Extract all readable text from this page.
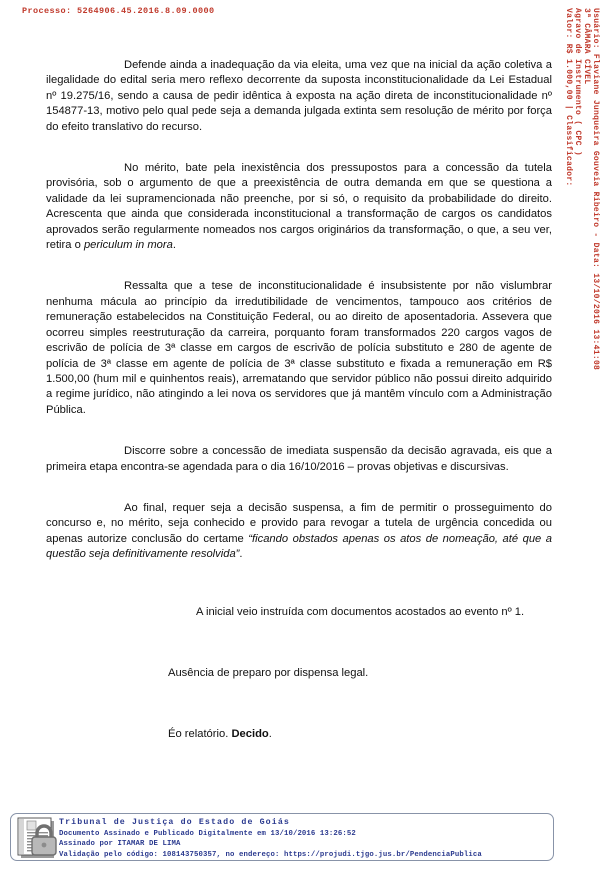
Processo: 5264906.45.2016.8.09.0000	Valor: R$ 1.000,00 | Classificador: Agravo de Instrumento ( CPC ) 3ª CÂMARA CÍVEL Usuário: Flaviane Junqueira Gouveia Ribeiro - Data: 13/10/2016 13:41:08

Defende ainda a inadequação da via eleita, uma vez que na inicial da ação coletiva a ilegalidade do edital seria mero reflexo decorrente da suposta inconstitucionalidade da Lei Estadual nº 19.275/16, sendo a causa de pedir idêntica à exposta na ação direta de inconstitucionalidade nº 154877-13, motivo pelo qual pede seja a demanda julgada extinta sem resolução de mérito por força do efeito translativo do recurso.

No mérito, bate pela inexistência dos pressupostos para a concessão da tutela provisória, sob o argumento de que a preexistência de outra demanda em que se questiona a validade da lei supramencionada não preenche, por si só, o requisito da probabilidade do direito. Acrescenta que ainda que considerada inconstitucional a transformação de cargos os candidatos aprovados serão regularmente nomeados nos cargos originários da transformação, o que, a seu ver, retira o periculum in mora.

Ressalta que a tese de inconstitucionalidade é insubsistente por não vislumbrar nenhuma mácula ao princípio da irredutibilidade de vencimentos, tampouco aos critérios de remuneração estabelecidos na Constituição Federal, ou ao direito de aposentadoria. Assevera que ocorreu simples reestruturação da carreira, porquanto foram transformados 220 cargos vagos de escrivão de polícia de 3ª classe em cargos de escrivão de polícia substituto e 280 de agente de polícia de 3ª classe em agente de polícia de 3ª classe substituto e fixada a remuneração em R$ 1.500,00 (hum mil e quinhentos reais), arrematando que servidor público não possui direito adquirido a regime jurídico, não atingindo a lei nova os servidores que já mantêm vínculo com a Administração Pública.

Discorre sobre a concessão de imediata suspensão da decisão agravada, eis que a primeira etapa encontra-se agendada para o dia 16/10/2016 – provas objetivas e discursivas.

Ao final, requer seja a decisão suspensa, a fim de permitir o prosseguimento do concurso e, no mérito, seja conhecido e provido para revogar a tutela de urgência concedida ou apenas autorize conclusão do certame “ficando obstados apenas os atos de nomeação, até que a questão seja definitivamente resolvida”.

A inicial veio instruída com documentos acostados ao evento nº 1.

Ausência de preparo por dispensa legal.

Éo relatório. Decido.

Tribunal de Justiça do Estado de Goiás
Documento Assinado e Publicado Digitalmente em 13/10/2016 13:26:52
Assinado por ITAMAR DE LIMA
Validação pelo código: 108143750357, no endereço: https://projudi.tjgo.jus.br/PendenciaPublica
